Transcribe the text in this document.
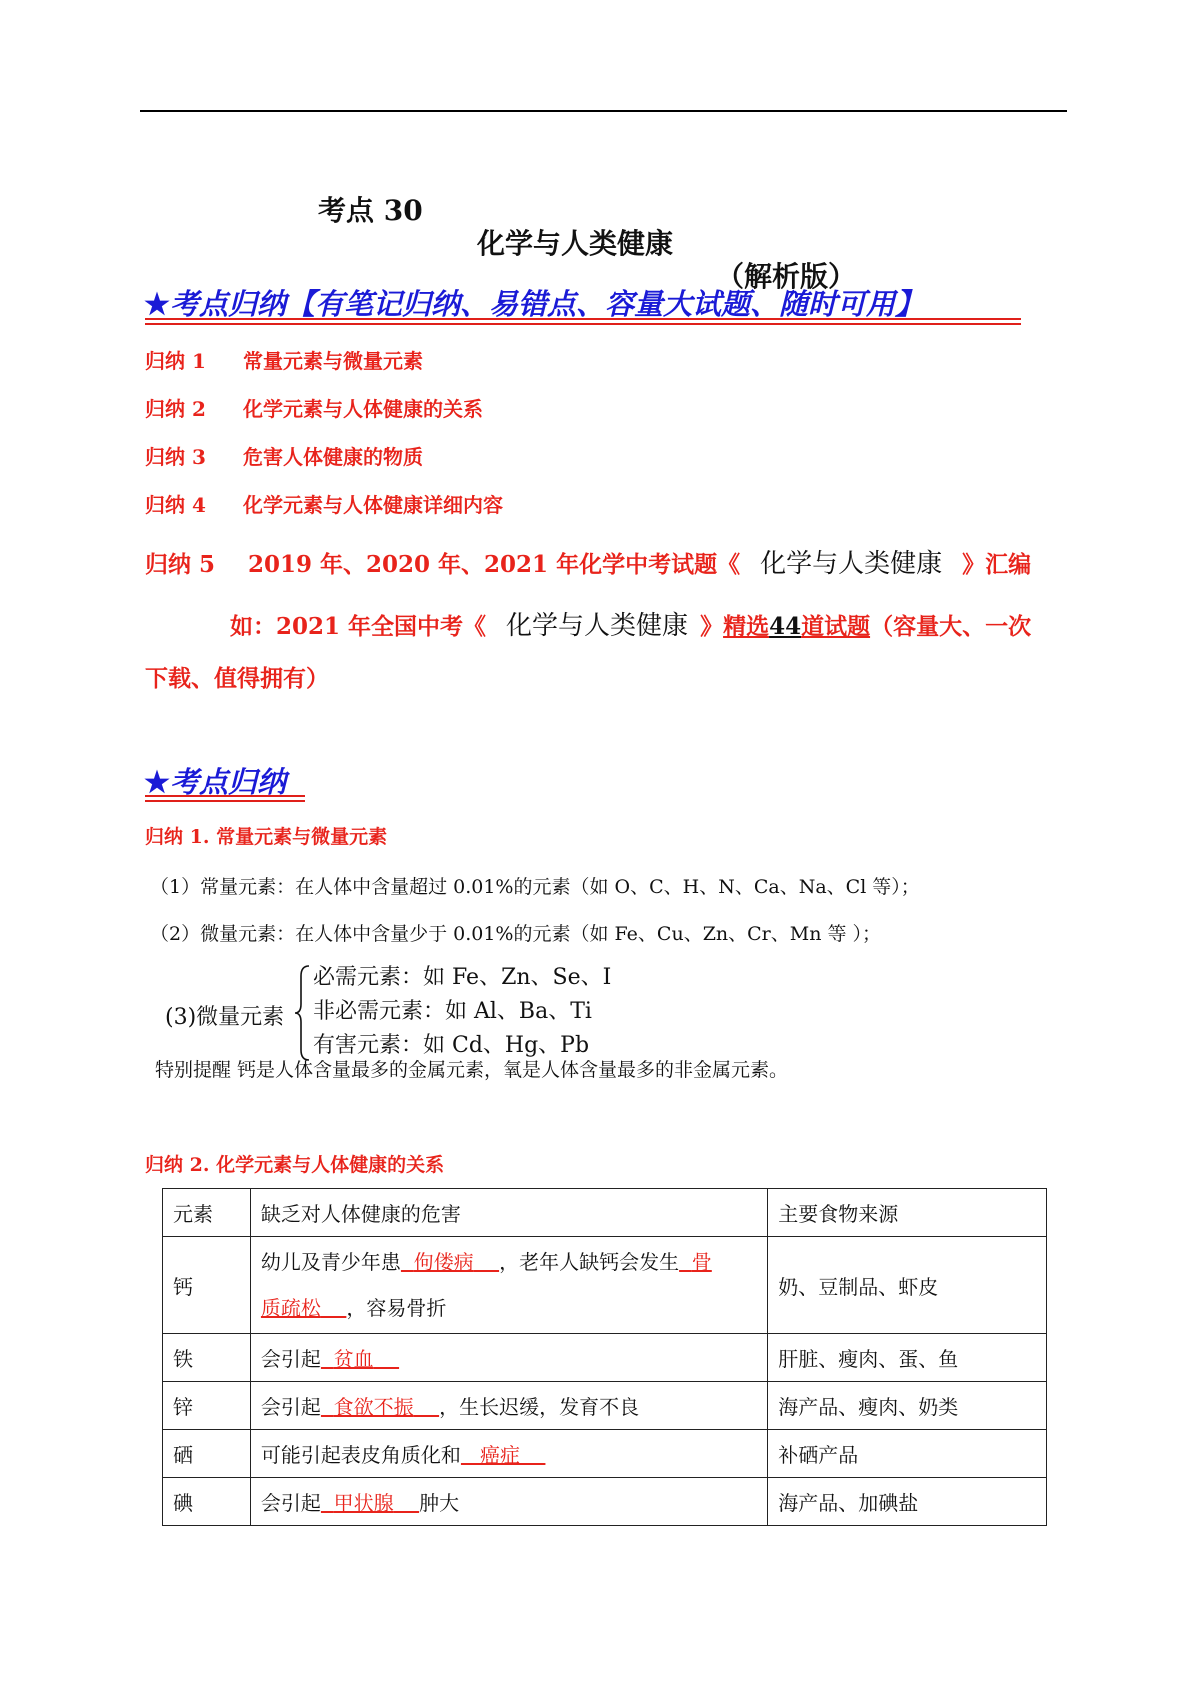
考点 30

化学与人类健康

（解析版）

★考点归纳【有笔记归纳、易错点、容量大试题、随时可用】
归纳 1 常量元素与微量元素
归纳 2 化学元素与人体健康的关系
归纳 3 危害人体健康的物质
归纳 4 化学元素与人体健康详细内容
归纳 5 2019 年、2020 年、2021 年化学中考试题《 化学与人类健康 》汇编
如：2021 年全国中考《 化学与人类健康 》精选44道试题（容量大、一次
下载、值得拥有）
★考点归纳
归纳 1. 常量元素与微量元素
（1）常量元素：在人体中含量超过 0.01%的元素（如 O、C、H、N、Ca、Na、Cl 等）；
（2）微量元素：在人体中含量少于 0.01%的元素（如 Fe、Cu、Zn、Cr、Mn 等 ）；
(3)微量元素
必需元素：如 Fe、Zn、Se、I
非必需元素：如 Al、Ba、Ti
有害元素：如 Cd、Hg、Pb
特别提醒 钙是人体含量最多的金属元素，氧是人体含量最多的非金属元素。
归纳 2. 化学元素与人体健康的关系
元素	缺乏对人体健康的危害	主要食物来源
钙	幼儿及青少年患 佝偻病 ，老年人缺钙会发生 骨
质疏松 ，容易骨折	奶、豆制品、虾皮
铁	会引起 贫血	肝脏、瘦肉、蛋、鱼
锌	会引起 食欲不振 ，生长迟缓，发育不良	海产品、瘦肉、奶类
硒	可能引起表皮角质化和 癌症	补硒产品
碘	会引起 甲状腺 肿大	海产品、加碘盐
